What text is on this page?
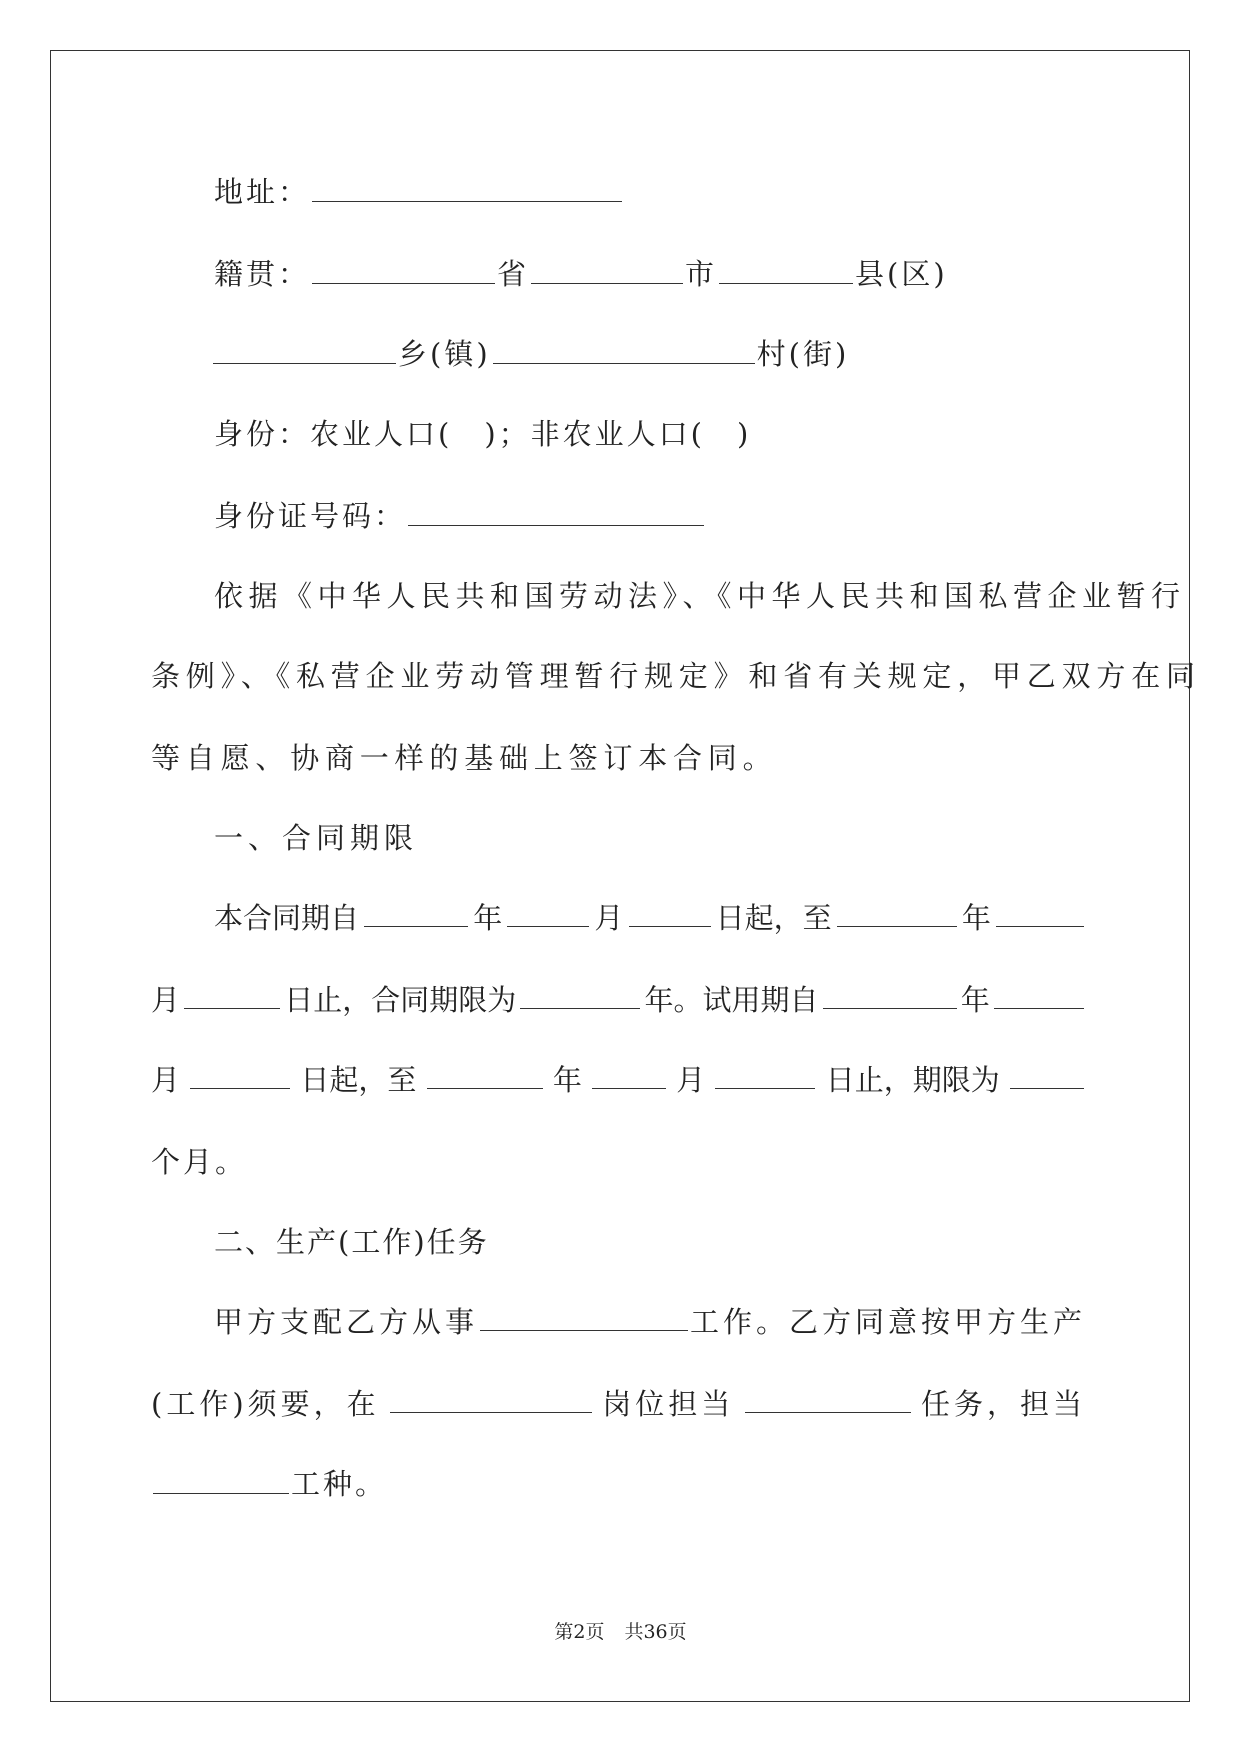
地址：
籍贯：	省	市	县(区)
乡(镇)	村(街)
身份：农业人口(　)；非农业人口(　)
身份证号码：
依据《中华人民共和国劳动法》、《中华人民共和国私营企业暂行
条例》、《私营企业劳动管理暂行规定》和省有关规定，甲乙双方在同
等自愿、协商一样的基础上签订本合同。
一、合同期限
本合同期自	年	月	日起，至	年
月	日止，合同期限为	年。试用期自	年
月	日起，至	年	月	日止，期限为
个月。
二、生产(工作)任务
甲方支配乙方从事	工作。乙方同意按甲方生产
(工作)须要，在	岗位担当	任务，担当
工种。
第2页 共36页
